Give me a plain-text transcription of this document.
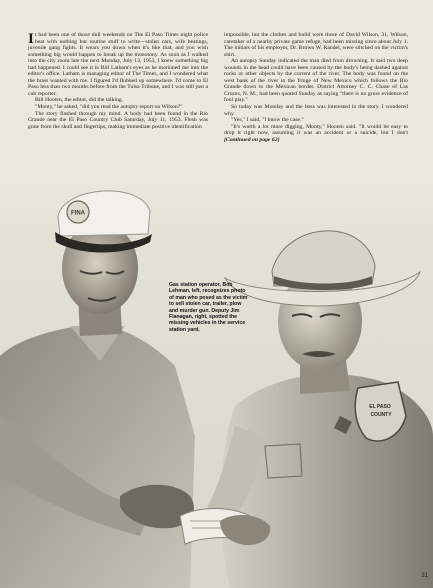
It had been one of those dull weekends on The El Paso Times night police beat with nothing but routine stuff to write—stolen cars, wife beatings, juvenile gang fights. It wears you down when it's like that, and you wish something big would happen to break up the monotony. As soon as I walked into the city room late the next Monday, July 13, 1953, I knew something big had happened. I could see it in Bill Latham's eyes as he motioned me into the editor's office. Latham is managing editor of The Times, and I wondered what the brass wanted with me. I figured I'd flubbed up somewhere. I'd come to El Paso less than two months before from the Tulsa Tribune, and I was still just a cub reporter.

Bill Hooten, the editor, did the talking.

"Monty," he asked, "did you read the autopsy report on Wilson?"

The story flashed through my mind. A body had been found in the Rio Grande near the El Paso Country Club Saturday, July 11, 1953. Flesh was gone from the skull and fingertips, making immediate positive identification

impossible, but the clothes and build were those of David Wilson, 31, Wilson, caretaker of a nearby private game refuge, had been missing since about July 1. The initials of his employer, Dr. Brown W. Randel, were stitched on the victim's shirt.

An autopsy Sunday indicated the man died from drowning. It said two deep wounds in the head could have been caused by the body's being dashed against rocks or other objects by the current of the river. The body was found on the west bank of the river in the fringe of New Mexico which follows the Rio Grande down to the Mexican border. District Attorney C. C. Chase of Las Cruces, N. M., had been quoted Sunday as saying "there is no gross evidence of foul play."

So today was Monday and the boss was interested in the story. I wondered why.

"Yes," I said, "I know the case."

"It's worth a lot more digging, Monty," Hooten said. "It would be easy to drop it right now, assuming it was an accident or a suicide, but I don't [Continued on page 62]

FINA
EL PASO
COUNTY
Gas station operator, Bob Lehman, left, recognizes photo of man who posed as the victim to sell stolen car, trailer, plow and murder gun. Deputy Jim Flanagan, right, spotted the missing vehicles in the service station yard.
31
